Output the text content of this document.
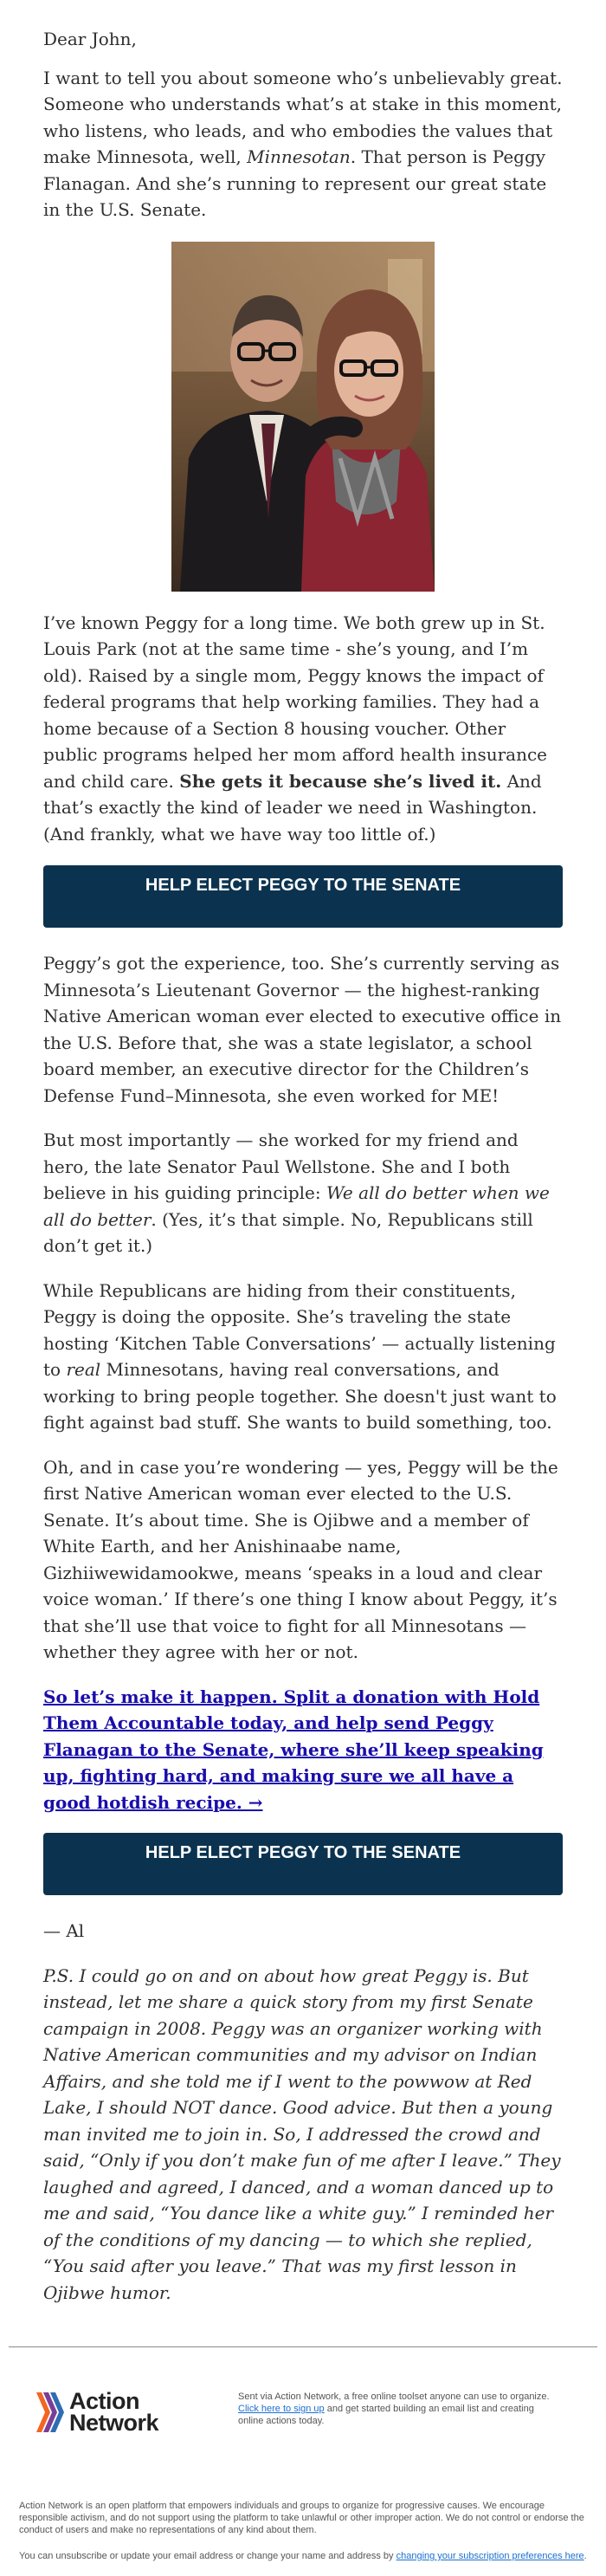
Dear John,

I want to tell you about someone who’s unbelievably great. Someone who understands what’s at stake in this moment, who listens, who leads, and who embodies the values that make Minnesota, well, Minnesotan. That person is Peggy Flanagan. And she’s running to represent our great state in the U.S. Senate.

I’ve known Peggy for a long time. We both grew up in St. Louis Park (not at the same time - she’s young, and I’m old). Raised by a single mom, Peggy knows the impact of federal programs that help working families. They had a home because of a Section 8 housing voucher. Other public programs helped her mom afford health insurance and child care. She gets it because she’s lived it. And that’s exactly the kind of leader we need in Washington. (And frankly, what we have way too little of.)

HELP ELECT PEGGY TO THE SENATE

Peggy’s got the experience, too. She’s currently serving as Minnesota’s Lieutenant Governor — the highest-ranking Native American woman ever elected to executive office in the U.S. Before that, she was a state legislator, a school board member, an executive director for the Children’s Defense Fund–Minnesota, she even worked for ME!

But most importantly — she worked for my friend and hero, the late Senator Paul Wellstone. She and I both believe in his guiding principle: We all do better when we all do better. (Yes, it’s that simple. No, Republicans still don’t get it.)

While Republicans are hiding from their constituents, Peggy is doing the opposite. She’s traveling the state hosting ‘Kitchen Table Conversations’ — actually listening to real Minnesotans, having real conversations, and working to bring people together. She doesn't just want to fight against bad stuff. She wants to build something, too.

Oh, and in case you’re wondering — yes, Peggy will be the first Native American woman ever elected to the U.S. Senate. It’s about time. She is Ojibwe and a member of White Earth, and her Anishinaabe name, Gizhiiwewidamookwe, means ‘speaks in a loud and clear voice woman.’ If there’s one thing I know about Peggy, it’s that she’ll use that voice to fight for all Minnesotans — whether they agree with her or not.

So let’s make it happen. Split a donation with Hold Them Accountable today, and help send Peggy Flanagan to the Senate, where she’ll keep speaking up, fighting hard, and making sure we all have a good hotdish recipe. →
HELP ELECT PEGGY TO THE SENATE

— Al

P.S. I could go on and on about how great Peggy is. But instead, let me share a quick story from my first Senate campaign in 2008. Peggy was an organizer working with Native American communities and my advisor on Indian Affairs, and she told me if I went to the powwow at Red Lake, I should NOT dance. Good advice. But then a young man invited me to join in. So, I addressed the crowd and said, “Only if you don’t make fun of me after I leave.” They laughed and agreed, I danced, and a woman danced up to me and said, “You dance like a white guy.” I reminded her of the conditions of my dancing — to which she replied, “You said after you leave.” That was my first lesson in Ojibwe humor.

Action
Network
Sent via Action Network, a free online toolset anyone can use to organize.
Click here to sign up and get started building an email list and creating online actions today.

Action Network is an open platform that empowers individuals and groups to organize for progressive causes. We encourage responsible activism, and do not support using the platform to take unlawful or other improper action. We do not control or endorse the conduct of users and make no representations of any kind about them.

You can unsubscribe or update your email address or change your name and address by changing your subscription preferences here.
